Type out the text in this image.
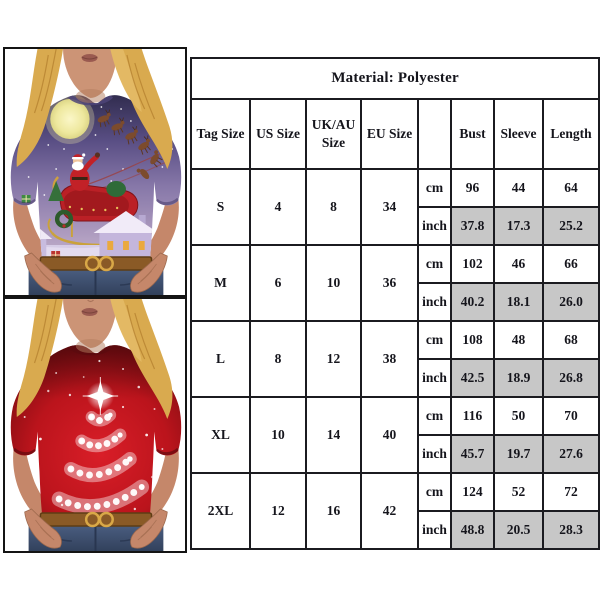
Material: Polyester							
Tag Size	US Size	UK/AU Size	EU Size		Bust	Sleeve	Length
S	4	8	34	cm	96	44	64
				inch	37.8	17.3	25.2
M	6	10	36	cm	102	46	66
				inch	40.2	18.1	26.0
L	8	12	38	cm	108	48	68
				inch	42.5	18.9	26.8
XL	10	14	40	cm	116	50	70
				inch	45.7	19.7	27.6
2XL	12	16	42	cm	124	52	72
				inch	48.8	20.5	28.3
